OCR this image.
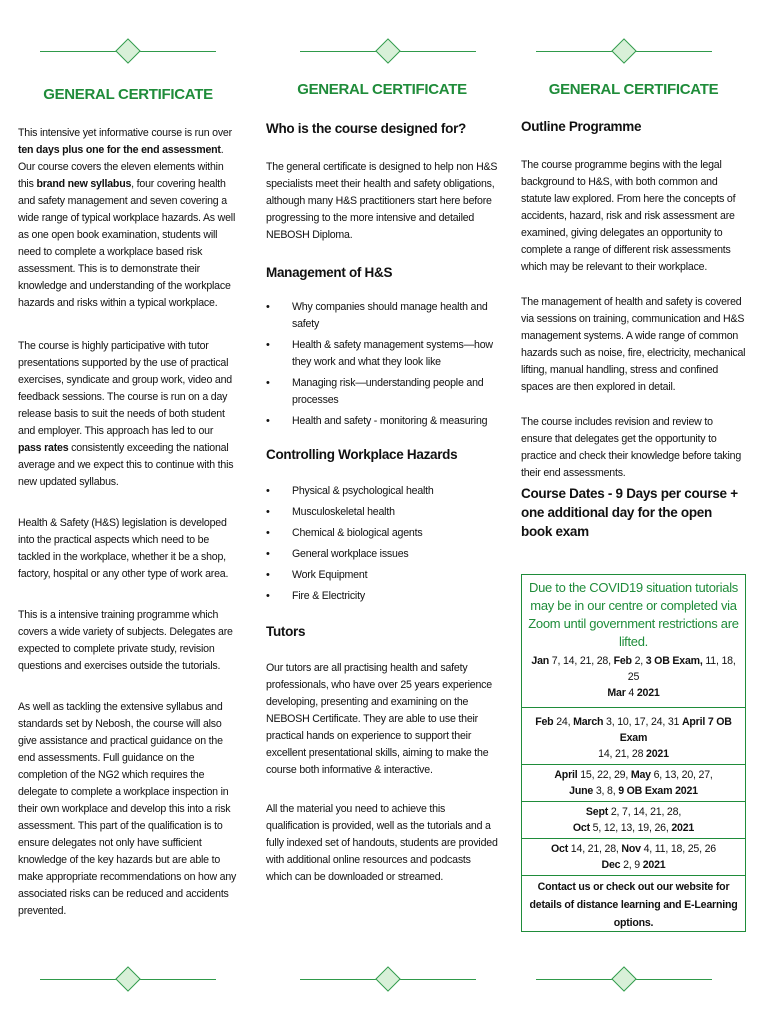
GENERAL CERTIFICATE

This intensive yet informative course is run over ten days plus one for the end assessment. Our course covers the eleven elements within this brand new syllabus, four covering health and safety management and seven covering a wide range of typical workplace hazards. As well as one open book examination, students will need to complete a workplace based risk assessment. This is to demonstrate their knowledge and understanding of the workplace hazards and risks within a typical workplace.

The course is highly participative with tutor presentations supported by the use of practical exercises, syndicate and group work, video and feedback sessions. The course is run on a day release basis to suit the needs of both student and employer. This approach has led to our pass rates consistently exceeding the national average and we expect this to continue with this new updated syllabus.

Health & Safety (H&S) legislation is developed into the practical aspects which need to be tackled in the workplace, whether it be a shop, factory, hospital or any other type of work area.

This is a intensive training programme which covers a wide variety of subjects. Delegates are expected to complete private study, revision questions and exercises outside the tutorials.

As well as tackling the extensive syllabus and standards set by Nebosh, the course will also give assistance and practical guidance on the end assessments. Full guidance on the completion of the NG2 which requires the delegate to complete a workplace inspection in their own workplace and develop this into a risk assessment. This part of the qualification is to ensure delegates not only have sufficient knowledge of the key hazards but are able to make appropriate recommendations on how any associated risks can be reduced and accidents prevented.

GENERAL CERTIFICATE
Who is the course designed for?

The general certificate is designed to help non H&S specialists meet their health and safety obligations, although many H&S practitioners start here before progressing to the more intensive and detailed NEBOSH Diploma.

Management of H&S
• Why companies should manage health and safety
• Health & safety management systems—how they work and what they look like
• Managing risk—understanding people and processes
• Health and safety - monitoring & measuring
Controlling Workplace Hazards
• Physical & psychological health
• Musculoskeletal health
• Chemical & biological agents
• General workplace issues
• Work Equipment
• Fire & Electricity
Tutors

Our tutors are all practising health and safety professionals, who have over 25 years experience developing, presenting and examining on the NEBOSH Certificate. They are able to use their practical hands on experience to support their excellent presentational skills, aiming to make the course both informative & interactive.

All the material you need to achieve this qualification is provided, well as the tutorials and a fully indexed set of handouts, students are provided with additional online resources and podcasts which can be downloaded or streamed.

GENERAL CERTIFICATE
Outline Programme

The course programme begins with the legal background to H&S, with both common and statute law explored. From here the concepts of accidents, hazard, risk and risk assessment are examined, giving delegates an opportunity to complete a range of different risk assessments which may be relevant to their workplace.

The management of health and safety is covered via sessions on training, communication and H&S management systems. A wide range of common hazards such as noise, fire, electricity, mechanical lifting, manual handling, stress and confined spaces are then explored in detail.

The course includes revision and review to ensure that delegates get the opportunity to practice and check their knowledge before taking their end assessments.

Course Dates - 9 Days per course + one additional day for the open book exam
Due to the COVID19 situation tutorials may be in our centre or completed via Zoom until government restrictions are lifted.
Jan 7, 14, 21, 28, Feb 2, 3 OB Exam, 11, 18, 25
Mar 4 2021
Feb 24, March 3, 10, 17, 24, 31 April 7 OB Exam
14, 21, 28 2021
April 15, 22, 29, May 6, 13, 20, 27,
June 3, 8, 9 OB Exam 2021
Sept 2, 7, 14, 21, 28,
Oct 5, 12, 13, 19, 26, 2021
Oct 14, 21, 28, Nov 4, 11, 18, 25, 26
Dec 2, 9 2021
Contact us or check out our website for details of distance learning and E-Learning options.
